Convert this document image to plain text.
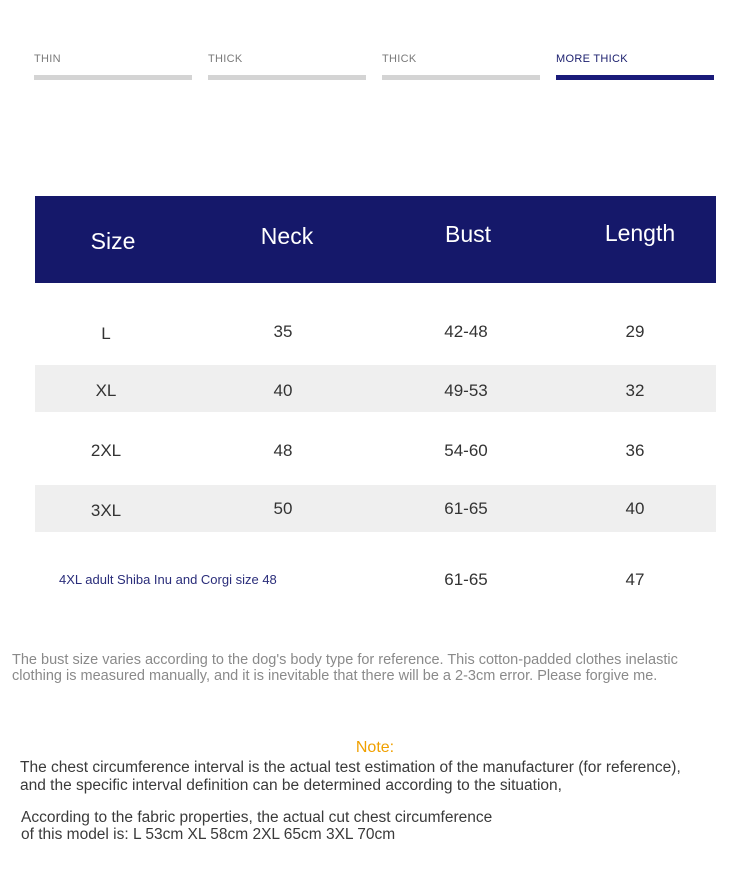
THIN	THICK	THICK	MORE THICK
Size	Neck	Bust	Length
L	35	42-48	29
XL	40	49-53	32
2XL	48	54-60	36
3XL	50	61-65	40
4XL adult Shiba Inu and Corgi size 48	61-65	47
The bust size varies according to the dog's body type for reference. This cotton-padded clothes inelastic
clothing is measured manually, and it is inevitable that there will be a 2-3cm error. Please forgive me.
Note:
The chest circumference interval is the actual test estimation of the manufacturer (for reference),
and the specific interval definition can be determined according to the situation,
According to the fabric properties, the actual cut chest circumference
of this model is: L 53cm XL 58cm 2XL 65cm 3XL 70cm
